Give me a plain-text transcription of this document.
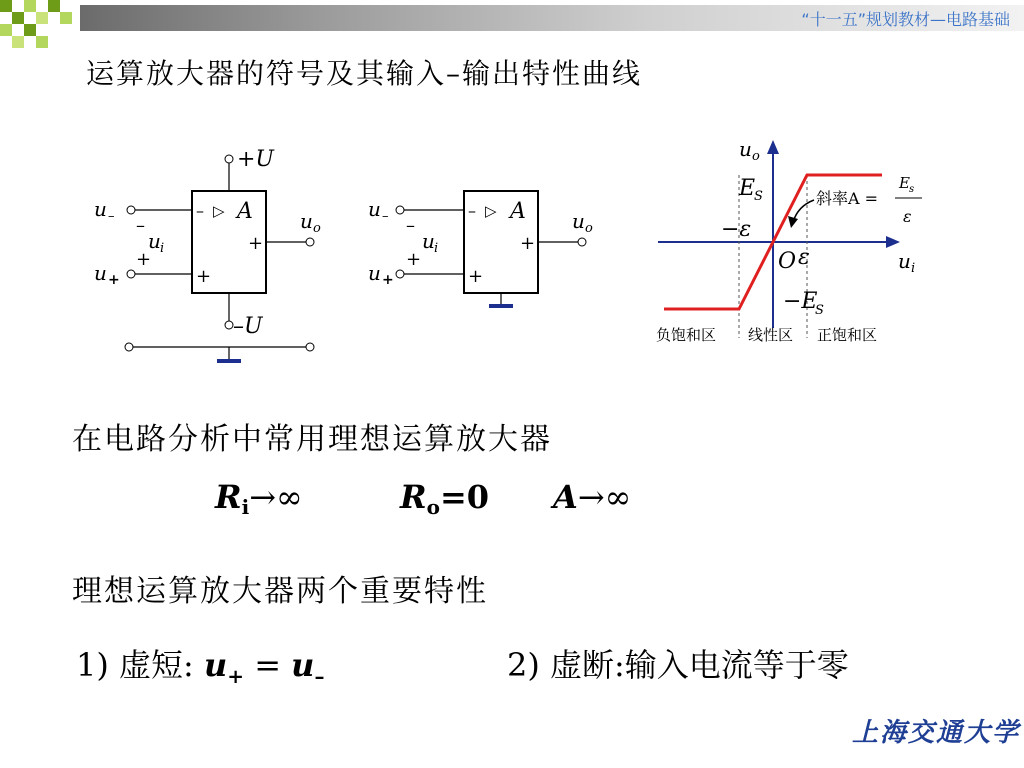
“十一五”规划教材—电路基础
运算放大器的符号及其输入–输出特性曲线
+U
–U
u –
u +
–
+
u i
– ▷ A
+
+
u o
u –
u +
–
+
u i
– ▷ A
+
+
u o
u o
u i
E
S
−ε
O ε
−E
S
斜率A =
E s
ε
负饱和区 线性区 正饱和区
在电路分析中常用理想运算放大器
$R_i\to\infty$	$R_o=0$ A→∞
理想运算放大器两个重要特性
1) 虚短: $u_+ = u_-$	2) 虚断:输入电流等于零
上海交通大学
